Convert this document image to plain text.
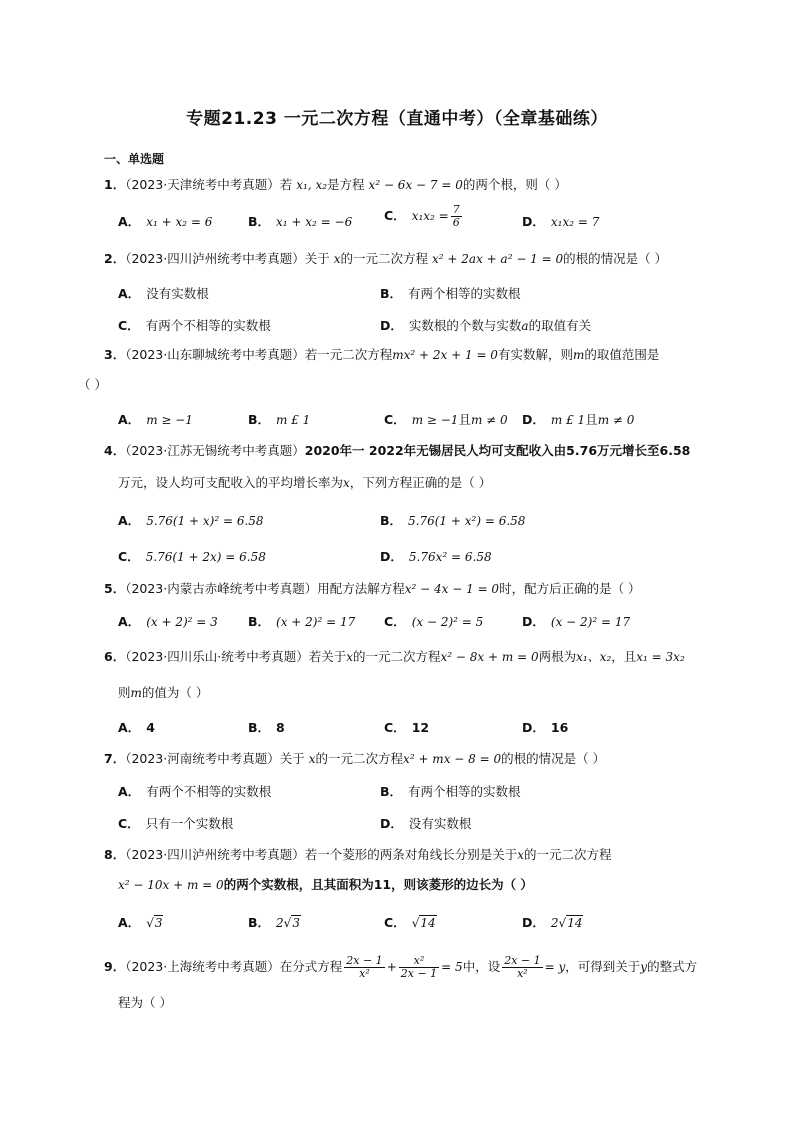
专题21.23 一元二次方程（直通中考）（全章基础练）
一、单选题
1．（2023·天津统考中考真题）若 x₁, x₂是方程 x² − 6x − 7 = 0的两个根，则（ ）
A． x₁ + x₂ = 6	B． x₁ + x₂ = −6	C． $x_1x_2 = \frac{7}{6}$	D． x₁x₂ = 7
2．（2023·四川泸州统考中考真题）关于 x的一元二次方程 x² + 2ax + a² − 1 = 0的根的情况是（ ）
A． 没有实数根	B． 有两个相等的实数根
C． 有两个不相等的实数根	D． 实数根的个数与实数a的取值有关
3．（2023·山东聊城统考中考真题）若一元二次方程mx² + 2x + 1 = 0有实数解，则m的取值范围是
（ ）
A． m ≥ −1	B． m £ 1	C． m ≥ −1且m ≠ 0 D． m £ 1且m ≠ 0
4．（2023·江苏无锡统考中考真题）2020年一 2022年无锡居民人均可支配收入由5.76万元增长至6.58
万元，设人均可支配收入的平均增长率为x，下列方程正确的是（ ）
A． 5.76(1 + x)² = 6.58	B． 5.76(1 + x²) = 6.58
C． 5.76(1 + 2x) = 6.58	D． 5.76x² = 6.58
5．（2023·内蒙古赤峰统考中考真题）用配方法解方程x² − 4x − 1 = 0时，配方后正确的是（ ）
A． (x + 2)² = 3 B． (x + 2)² = 17 C． (x − 2)² = 5	D． (x − 2)² = 17
6．（2023·四川乐山·统考中考真题）若关于x的一元二次方程x² − 8x + m = 0两根为x₁、x₂，且x₁ = 3x₂
则m的值为（ ）
A． 4	B． 8	C． 12	D． 16
7．（2023·河南统考中考真题）关于 x的一元二次方程x² + mx − 8 = 0的根的情况是（ ）
A． 有两个不相等的实数根	B． 有两个相等的实数根
C． 只有一个实数根	D． 没有实数根
8．（2023·四川泸州统考中考真题）若一个菱形的两条对角线长分别是关于x的一元二次方程
x² − 10x + m = 0的两个实数根，且其面积为11，则该菱形的边长为（ ）
A． √3	B． 2√3	C． √14	D． 2√14
9．（2023·上海统考中考真题）在分式方程 $\frac{2x - 1}{\text{x²}} + \frac{\text{x²}}{2x - 1} = 5$中，设 $\frac{2x - 1}{\text{x²}} = y$，可得到关于y的整式方
程为（ ）
